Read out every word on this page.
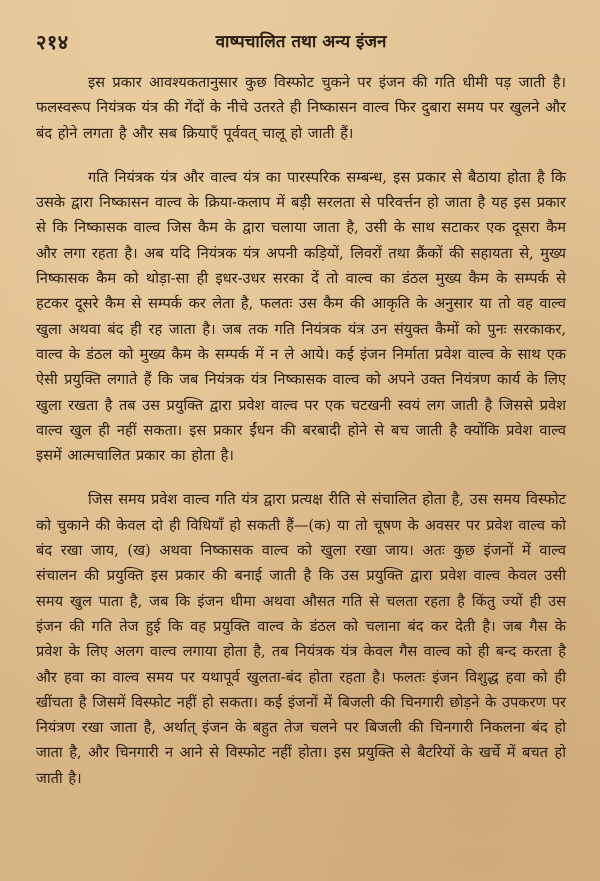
२१४	वाष्पचालित तथा अन्य इंजन

इस प्रकार आवश्यकतानुसार कुछ विस्फोट चुकने पर इंजन की गति धीमी पड़ जाती है। फलस्वरूप नियंत्रक यंत्र की गेंदों के नीचे उतरते ही निष्कासन वाल्व फिर दुबारा समय पर खुलने और बंद होने लगता है और सब क्रियाएँ पूर्ववत् चालू हो जाती हैं।

गति नियंत्रक यंत्र और वाल्व यंत्र का पारस्परिक सम्बन्ध, इस प्रकार से बैठाया होता है कि उसके द्वारा निष्कासन वाल्व के क्रिया-कलाप में बड़ी सरलता से परिवर्त्तन हो जाता है यह इस प्रकार से कि निष्कासक वाल्व जिस कैम के द्वारा चलाया जाता है, उसी के साथ सटाकर एक दूसरा कैम और लगा रहता है। अब यदि नियंत्रक यंत्र अपनी कड़ियों, लिवरों तथा क्रैंकों की सहायता से, मुख्य निष्कासक कैम को थोड़ा-सा ही इधर-उधर सरका दें तो वाल्व का डंठल मुख्य कैम के सम्पर्क से हटकर दूसरे कैम से सम्पर्क कर लेता है, फलतः उस कैम की आकृति के अनुसार या तो वह वाल्व खुला अथवा बंद ही रह जाता है। जब तक गति नियंत्रक यंत्र उन संयुक्त कैमों को पुनः सरकाकर, वाल्व के डंठल को मुख्य कैम के सम्पर्क में न ले आये। कई इंजन निर्माता प्रवेश वाल्व के साथ एक ऐसी प्रयुक्ति लगाते हैं कि जब नियंत्रक यंत्र निष्कासक वाल्व को अपने उक्त नियंत्रण कार्य के लिए खुला रखता है तब उस प्रयुक्ति द्वारा प्रवेश वाल्व पर एक चटखनी स्वयं लग जाती है जिससे प्रवेश वाल्व खुल ही नहीं सकता। इस प्रकार ईंधन की बरबादी होने से बच जाती है क्योंकि प्रवेश वाल्व इसमें आत्मचालित प्रकार का होता है।

जिस समय प्रवेश वाल्व गति यंत्र द्वारा प्रत्यक्ष रीति से संचालित होता है, उस समय विस्फोट को चुकाने की केवल दो ही विधियाँ हो सकती हैं—(क) या तो चूषण के अवसर पर प्रवेश वाल्व को बंद रखा जाय, (ख) अथवा निष्कासक वाल्व को खुला रखा जाय। अतः कुछ इंजनों में वाल्व संचालन की प्रयुक्ति इस प्रकार की बनाई जाती है कि उस प्रयुक्ति द्वारा प्रवेश वाल्व केवल उसी समय खुल पाता है, जब कि इंजन धीमा अथवा औसत गति से चलता रहता है किंतु ज्यों ही उस इंजन की गति तेज हुई कि वह प्रयुक्ति वाल्व के डंठल को चलाना बंद कर देती है। जब गैस के प्रवेश के लिए अलग वाल्व लगाया होता है, तब नियंत्रक यंत्र केवल गैस वाल्व को ही बन्द करता है और हवा का वाल्व समय पर यथापूर्व खुलता-बंद होता रहता है। फलतः इंजन विशुद्ध हवा को ही खींचता है जिसमें विस्फोट नहीं हो सकता। कई इंजनों में बिजली की चिनगारी छोड़ने के उपकरण पर नियंत्रण रखा जाता है, अर्थात् इंजन के बहुत तेज चलने पर बिजली की चिनगारी निकलना बंद हो जाता है, और चिनगारी न आने से विस्फोट नहीं होता। इस प्रयुक्ति से बैटरियों के खर्चे में बचत हो जाती है।
